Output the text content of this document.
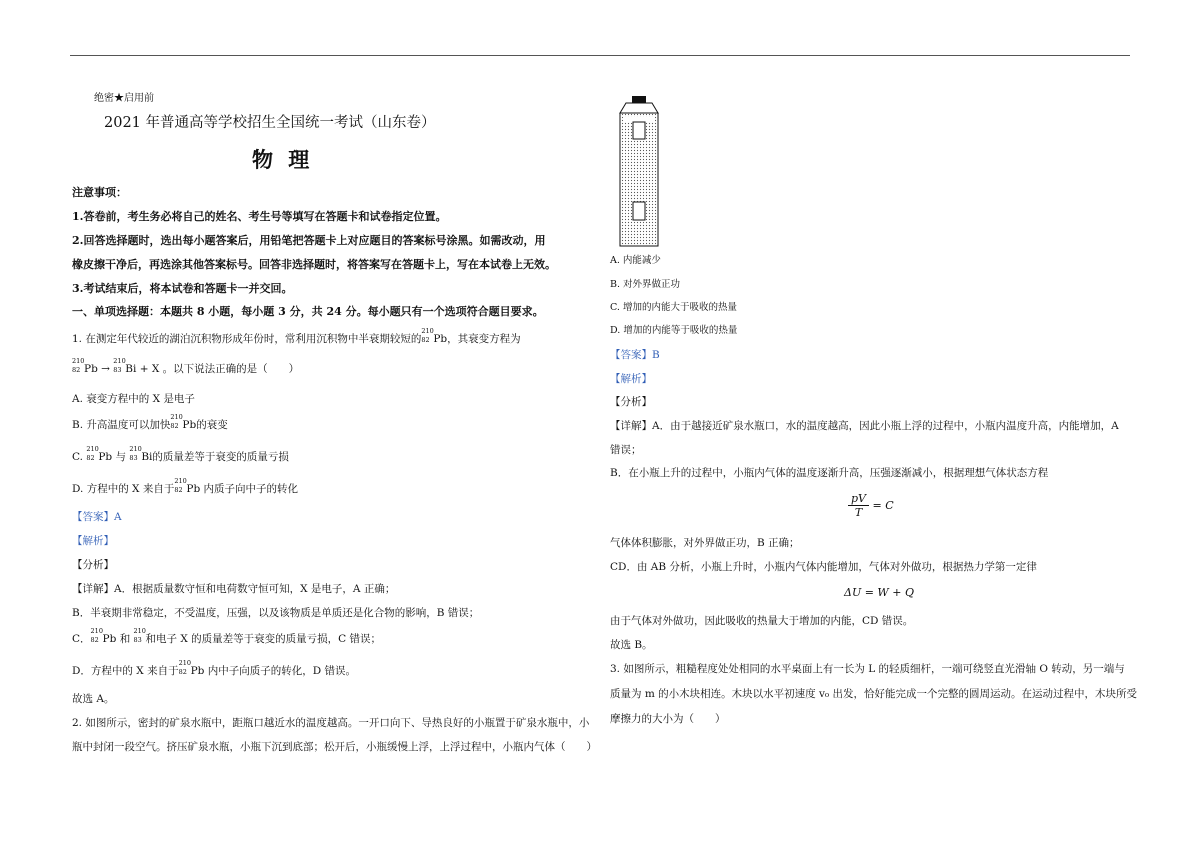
绝密★启用前
2021 年普通高等学校招生全国统一考试（山东卷）
物 理
注意事项：
1.答卷前，考生务必将自己的姓名、考生号等填写在答题卡和试卷指定位置。
2.回答选择题时，选出每小题答案后，用铅笔把答题卡上对应题目的答案标号涂黑。如需改动，用
橡皮擦干净后，再选涂其他答案标号。回答非选择题时，将答案写在答题卡上，写在本试卷上无效。
3.考试结束后，将本试卷和答题卡一并交回。
一、单项选择题：本题共 8 小题，每小题 3 分，共 24 分。每小题只有一个选项符合题目要求。
1. 在测定年代较近的湖泊沉积物形成年份时，常利用沉积物中半衰期较短的
210
82 Pb，其衰变方程为
210
82 Pb →
210
83 Bi + X 。以下说法正确的是（　　）
A. 衰变方程中的 X 是电子
B. 升高温度可以加快
210
82 Pb的衰变
C.
210
82 Pb 与
210
83 Bi的质量差等于衰变的质量亏损
D. 方程中的 X 来自于
210
82 Pb 内质子向中子的转化
【答案】A
【解析】
【分析】
【详解】A．根据质量数守恒和电荷数守恒可知，X 是电子，A 正确；
B．半衰期非常稳定，不受温度，压强，以及该物质是单质还是化合物的影响，B 错误；
C．
210
82 Pb 和
210
83 和电子 X 的质量差等于衰变的质量亏损，C 错误；
D．方程中的 X 来自于
210
82 Pb 内中子向质子的转化，D 错误。
故选 A。
2. 如图所示，密封的矿泉水瓶中，距瓶口越近水的温度越高。一开口向下、导热良好的小瓶置于矿泉水瓶中，小
瓶中封闭一段空气。挤压矿泉水瓶，小瓶下沉到底部；松开后，小瓶缓慢上浮，上浮过程中，小瓶内气体（　　）
A. 内能减少
B. 对外界做正功
C. 增加的内能大于吸收的热量
D. 增加的内能等于吸收的热量
【答案】B
【解析】
【分析】
【详解】A．由于越接近矿泉水瓶口，水的温度越高，因此小瓶上浮的过程中，小瓶内温度升高，内能增加，A
错误；
B．在小瓶上升的过程中，小瓶内气体的温度逐渐升高，压强逐渐减小，根据理想气体状态方程
$\frac{pV}{T} = C$
气体体积膨胀，对外界做正功，B 正确；
CD．由 AB 分析，小瓶上升时，小瓶内气体内能增加，气体对外做功，根据热力学第一定律
ΔU = W + Q
由于气体对外做功，因此吸收的热量大于增加的内能，CD 错误。
故选 B。
3. 如图所示，粗糙程度处处相同的水平桌面上有一长为 L 的轻质细杆，一端可绕竖直光滑轴 O 转动，另一端与
质量为 m 的小木块相连。木块以水平初速度 v₀ 出发，恰好能完成一个完整的圆周运动。在运动过程中，木块所受
摩擦力的大小为（　　）
